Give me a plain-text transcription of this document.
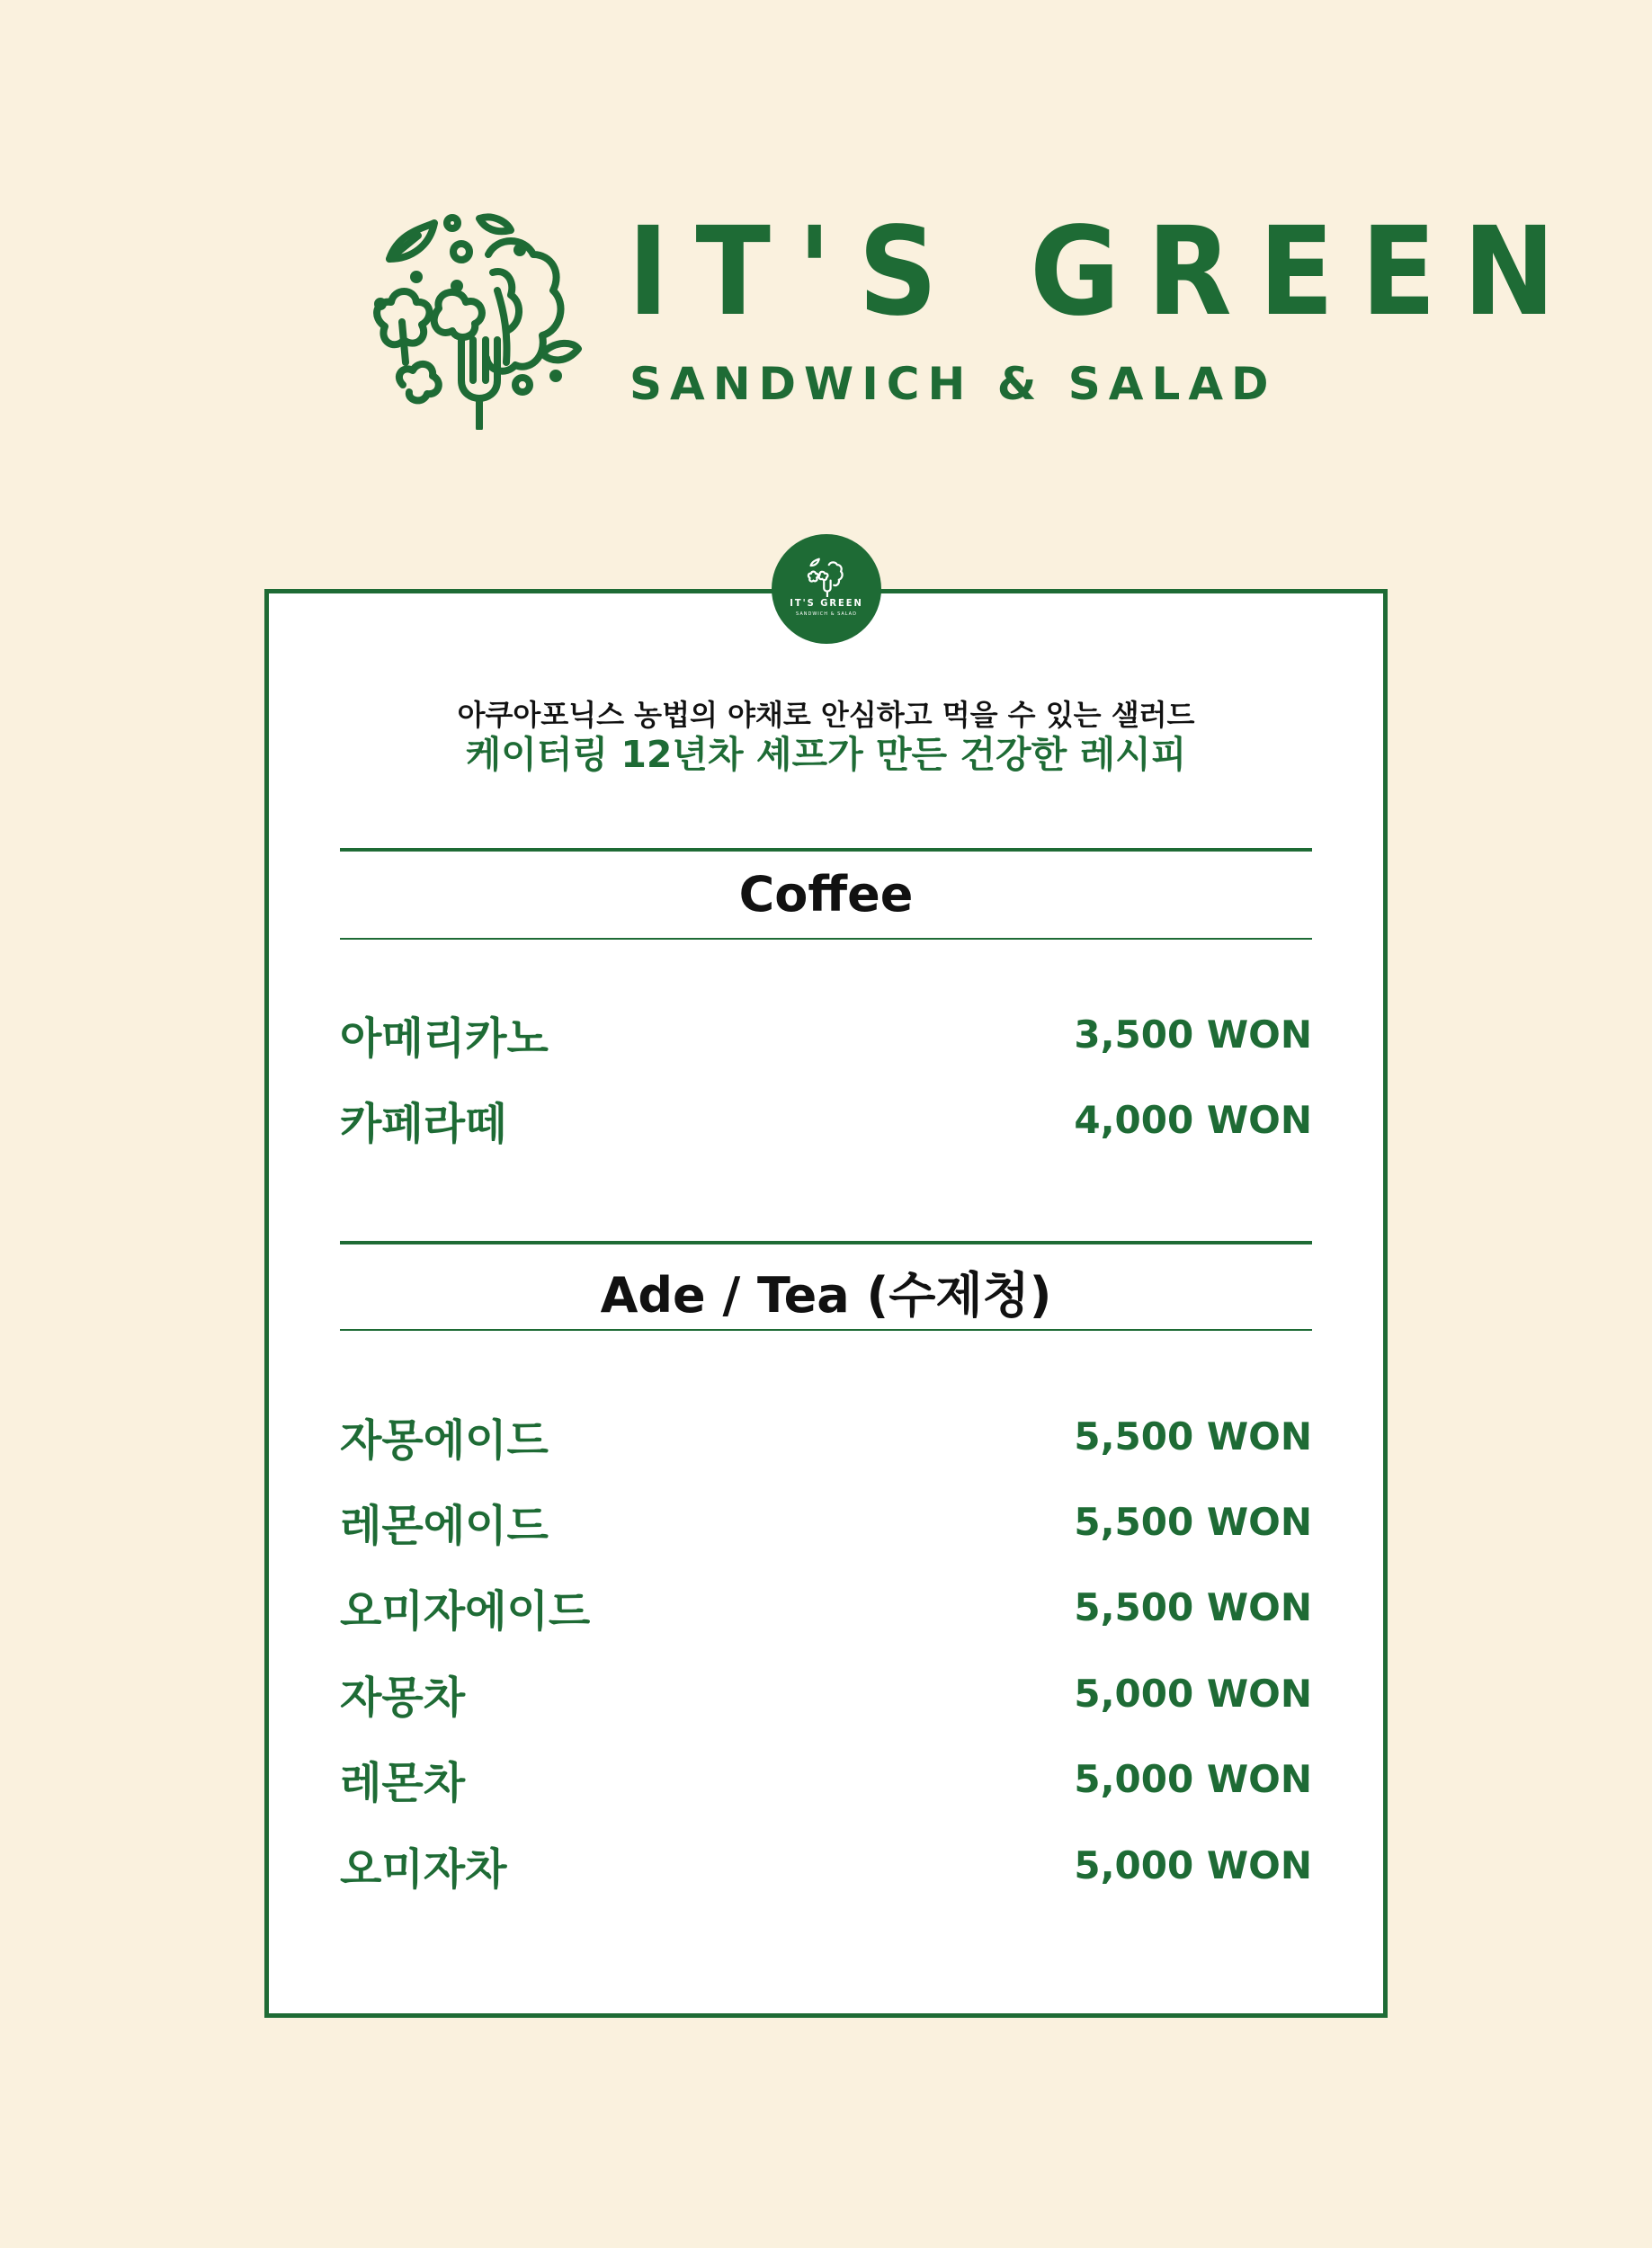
IT'S GREEN
SANDWICH & SALAD
IT'S GREEN
SANDWICH & SALAD
아쿠아포닉스 농법의 야채로 안심하고 먹을 수 있는 샐러드
케이터링 12년차 셰프가 만든 건강한 레시피
Coffee
아메리카노	3,500 WON
카페라떼	4,000 WON
Ade / Tea (수제청)
자몽에이드	5,500 WON
레몬에이드	5,500 WON
오미자에이드	5,500 WON
자몽차	5,000 WON
레몬차	5,000 WON
오미자차	5,000 WON
